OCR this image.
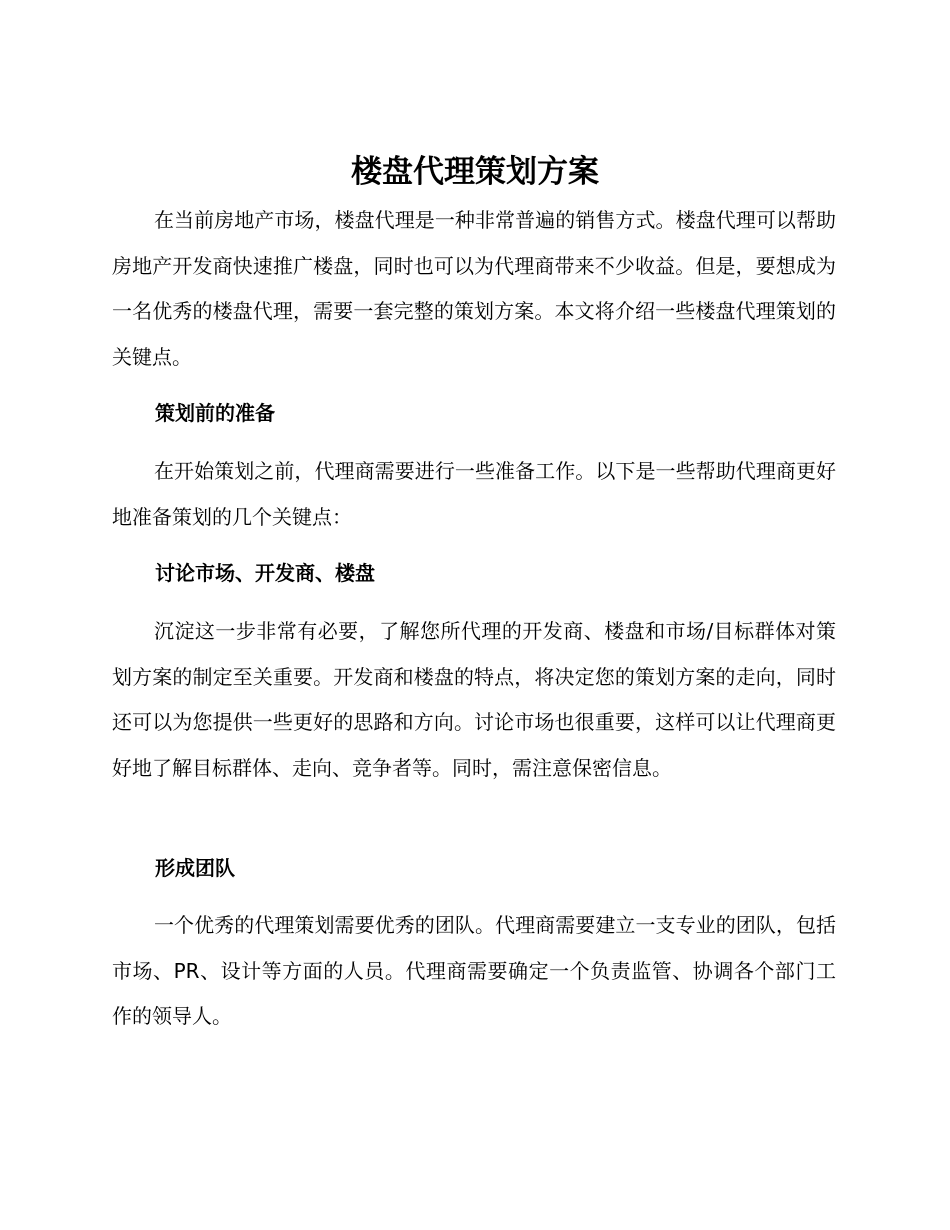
楼盘代理策划方案

在当前房地产市场，楼盘代理是一种非常普遍的销售方式。楼盘代理可以帮助房地产开发商快速推广楼盘，同时也可以为代理商带来不少收益。但是，要想成为一名优秀的楼盘代理，需要一套完整的策划方案。本文将介绍一些楼盘代理策划的关键点。

策划前的准备

在开始策划之前，代理商需要进行一些准备工作。以下是一些帮助代理商更好地准备策划的几个关键点：

讨论市场、开发商、楼盘

沉淀这一步非常有必要，了解您所代理的开发商、楼盘和市场/目标群体对策划方案的制定至关重要。开发商和楼盘的特点，将决定您的策划方案的走向，同时还可以为您提供一些更好的思路和方向。讨论市场也很重要，这样可以让代理商更好地了解目标群体、走向、竞争者等。同时，需注意保密信息。

形成团队

一个优秀的代理策划需要优秀的团队。代理商需要建立一支专业的团队，包括市场、PR、设计等方面的人员。代理商需要确定一个负责监管、协调各个部门工作的领导人。
